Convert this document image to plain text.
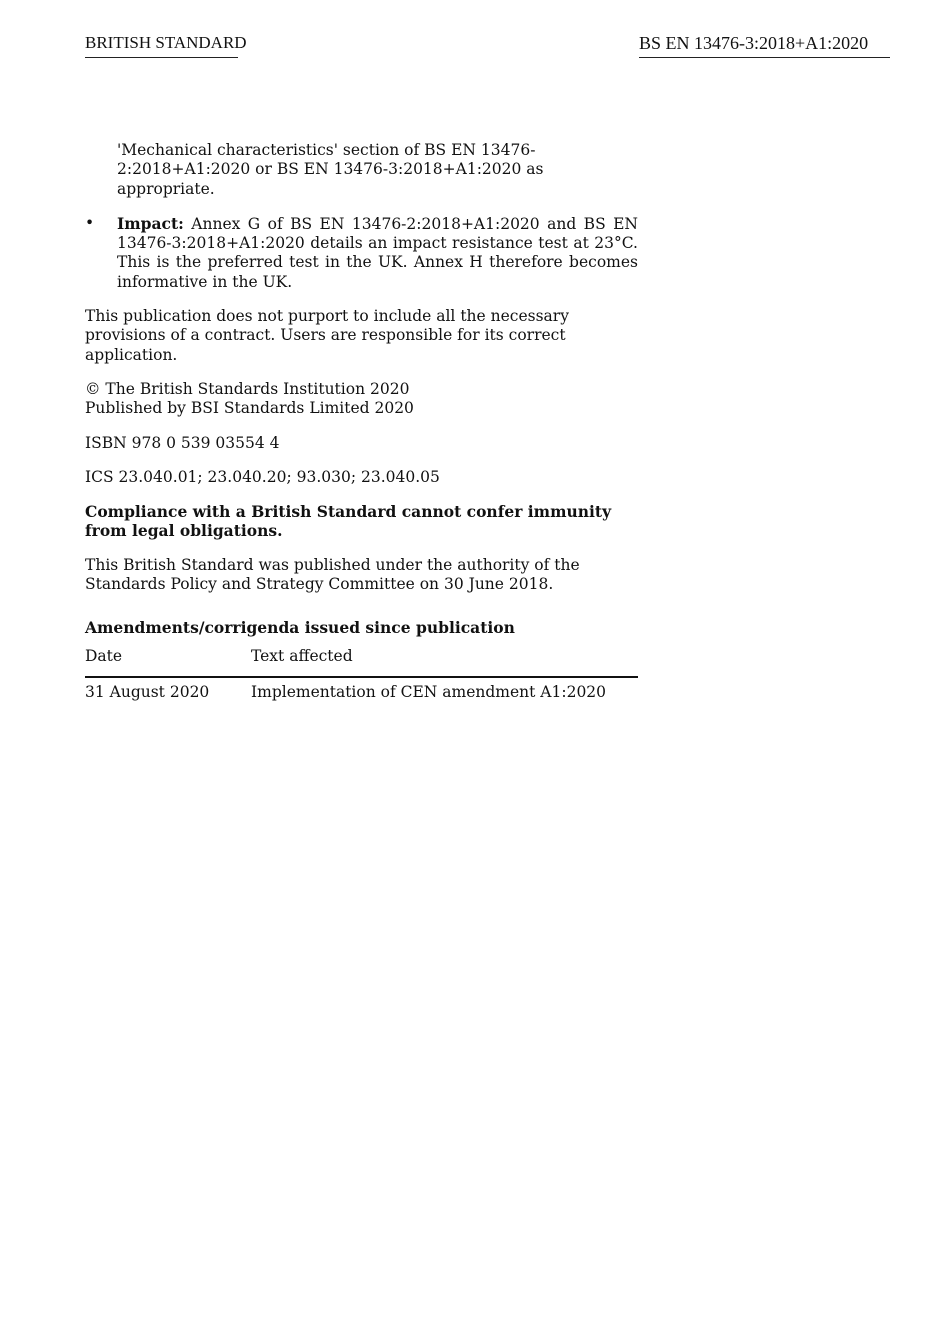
BRITISH STANDARD	BS EN 13476-3:2018+A1:2020

'Mechanical characteristics' section of BS EN 13476-2:2018+A1:2020 or BS EN 13476-3:2018+A1:2020 as appropriate.

• Impact: Annex G of BS EN 13476-2:2018+A1:2020 and BS EN 13476-3:2018+A1:2020 details an impact resistance test at 23°C. This is the preferred test in the UK. Annex H therefore becomes informative in the UK.

This publication does not purport to include all the necessary provisions of a contract. Users are responsible for its correct application.

© The British Standards Institution 2020
Published by BSI Standards Limited 2020

ISBN 978 0 539 03554 4

ICS 23.040.01; 23.040.20; 93.030; 23.040.05

Compliance with a British Standard cannot confer immunity from legal obligations.

This British Standard was published under the authority of the
Standards Policy and Strategy Committee on 30 June 2018.

Amendments/corrigenda issued since publication

Date	Text affected
31 August 2020	Implementation of CEN amendment A1:2020
